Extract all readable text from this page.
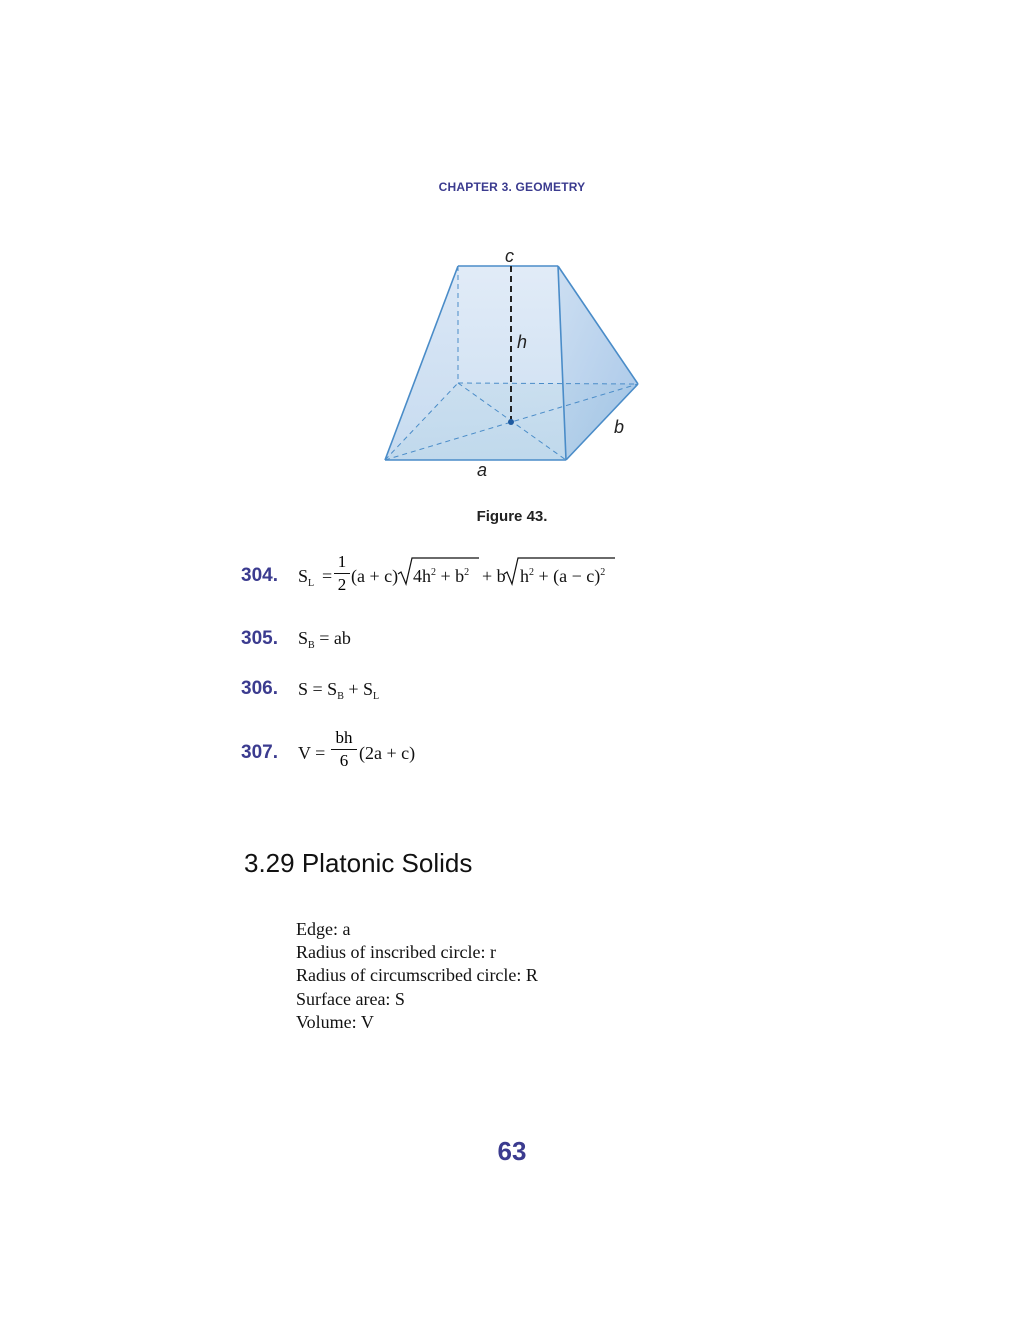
CHAPTER 3. GEOMETRY
c
h
b
a
Figure 43.
304. $S_L$ =
1
2 (a + c) $4h^2 + b^2 + b$ $h^2 + (a - c)^2$
305. $S_B$ = ab
306. $S = S_B + S_L$
307. V =
bh
6 (2a + c)
3.29 Platonic Solids
Edge: a
Radius of inscribed circle: r
Radius of circumscribed circle: R
Surface area: S
Volume: V
63
